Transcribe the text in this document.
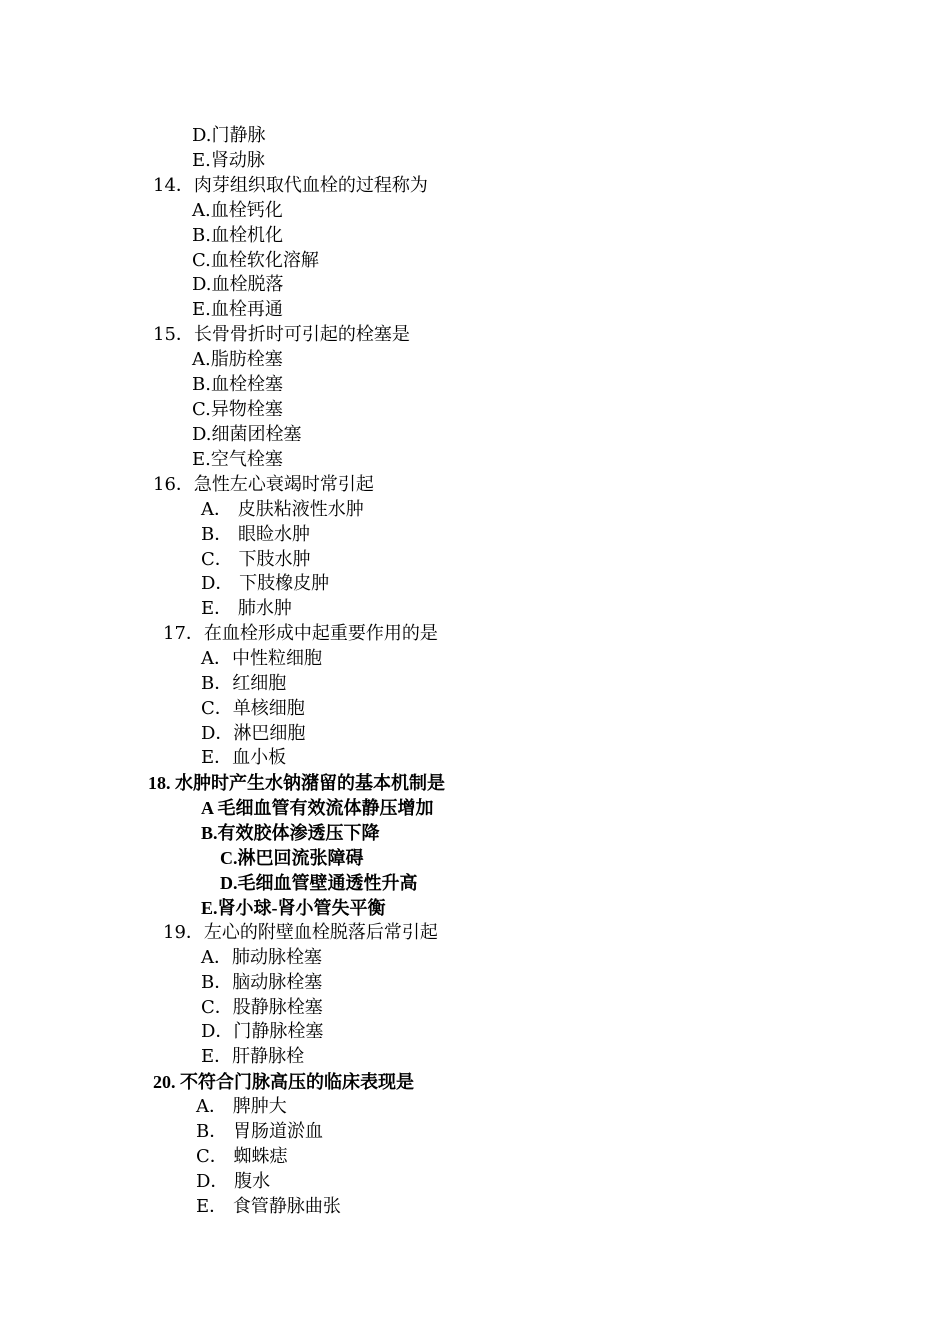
D.门静脉
E.肾动脉
14．肉芽组织取代血栓的过程称为
A.血栓钙化
B.血栓机化
C.血栓软化溶解
D.血栓脱落
E.血栓再通
15．长骨骨折时可引起的栓塞是
A.脂肪栓塞
B.血栓栓塞
C.异物栓塞
D.细菌团栓塞
E.空气栓塞
16．急性左心衰竭时常引起
A． 皮肤粘液性水肿
B． 眼睑水肿
C． 下肢水肿
D． 下肢橡皮肿
E． 肺水肿
17．在血栓形成中起重要作用的是
A．中性粒细胞
B．红细胞
C．单核细胞
D．淋巴细胞
E．血小板
18. 水肿时产生水钠潴留的基本机制是
A 毛细血管有效流体静压增加
B.有效胶体渗透压下降
C.淋巴回流张障碍
D.毛细血管壁通透性升高
E.肾小球-肾小管失平衡
19．左心的附壁血栓脱落后常引起
A．肺动脉栓塞
B．脑动脉栓塞
C．股静脉栓塞
D．门静脉栓塞
E．肝静脉栓
20. 不符合门脉高压的临床表现是
A． 脾肿大
B． 胃肠道淤血
C． 蜘蛛痣
D． 腹水
E． 食管静脉曲张
